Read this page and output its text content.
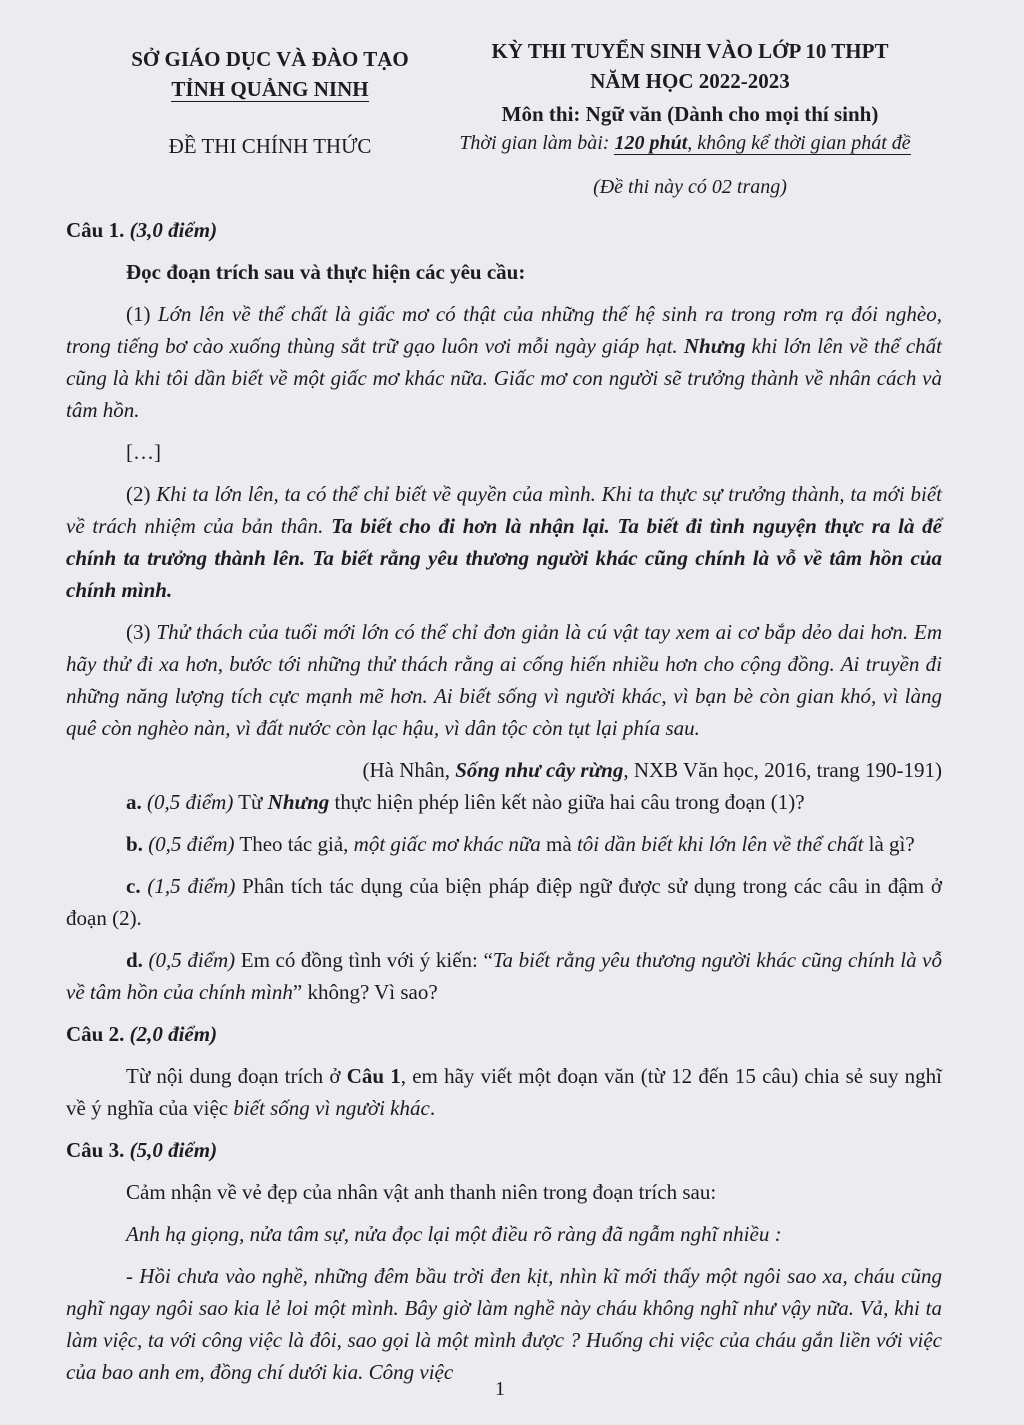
SỞ GIÁO DỤC VÀ ĐÀO TẠO
TỈNH QUẢNG NINH
ĐỀ THI CHÍNH THỨC
KỲ THI TUYỂN SINH VÀO LỚP 10 THPT
NĂM HỌC 2022-2023
Môn thi: Ngữ văn (Dành cho mọi thí sinh)
Thời gian làm bài: 120 phút, không kể thời gian phát đề
(Đề thi này có 02 trang)

Câu 1. (3,0 điểm)

Đọc đoạn trích sau và thực hiện các yêu cầu:

(1) Lớn lên về thể chất là giấc mơ có thật của những thế hệ sinh ra trong rơm rạ đói nghèo, trong tiếng bơ cào xuống thùng sắt trữ gạo luôn vơi mỗi ngày giáp hạt. Nhưng khi lớn lên về thể chất cũng là khi tôi dần biết về một giấc mơ khác nữa. Giấc mơ con người sẽ trưởng thành về nhân cách và tâm hồn.

[…]

(2) Khi ta lớn lên, ta có thể chỉ biết về quyền của mình. Khi ta thực sự trưởng thành, ta mới biết về trách nhiệm của bản thân. Ta biết cho đi hơn là nhận lại. Ta biết đi tình nguyện thực ra là để chính ta trưởng thành lên. Ta biết rằng yêu thương người khác cũng chính là vỗ về tâm hồn của chính mình.

(3) Thử thách của tuổi mới lớn có thể chỉ đơn giản là cú vật tay xem ai cơ bắp dẻo dai hơn. Em hãy thử đi xa hơn, bước tới những thử thách rằng ai cống hiến nhiều hơn cho cộng đồng. Ai truyền đi những năng lượng tích cực mạnh mẽ hơn. Ai biết sống vì người khác, vì bạn bè còn gian khó, vì làng quê còn nghèo nàn, vì đất nước còn lạc hậu, vì dân tộc còn tụt lại phía sau.

(Hà Nhân, Sống như cây rừng, NXB Văn học, 2016, trang 190-191)

a. (0,5 điểm) Từ Nhưng thực hiện phép liên kết nào giữa hai câu trong đoạn (1)?

b. (0,5 điểm) Theo tác giả, một giấc mơ khác nữa mà tôi dần biết khi lớn lên về thể chất là gì?

c. (1,5 điểm) Phân tích tác dụng của biện pháp điệp ngữ được sử dụng trong các câu in đậm ở đoạn (2).

d. (0,5 điểm) Em có đồng tình với ý kiến: “Ta biết rằng yêu thương người khác cũng chính là vỗ về tâm hồn của chính mình” không? Vì sao?

Câu 2. (2,0 điểm)

Từ nội dung đoạn trích ở Câu 1, em hãy viết một đoạn văn (từ 12 đến 15 câu) chia sẻ suy nghĩ về ý nghĩa của việc biết sống vì người khác.

Câu 3. (5,0 điểm)

Cảm nhận về vẻ đẹp của nhân vật anh thanh niên trong đoạn trích sau:

Anh hạ giọng, nửa tâm sự, nửa đọc lại một điều rõ ràng đã ngẫm nghĩ nhiều :

- Hồi chưa vào nghề, những đêm bầu trời đen kịt, nhìn kĩ mới thấy một ngôi sao xa, cháu cũng nghĩ ngay ngôi sao kia lẻ loi một mình. Bây giờ làm nghề này cháu không nghĩ như vậy nữa. Vả, khi ta làm việc, ta với công việc là đôi, sao gọi là một mình được ? Huống chi việc của cháu gắn liền với việc của bao anh em, đồng chí dưới kia. Công việc

1
